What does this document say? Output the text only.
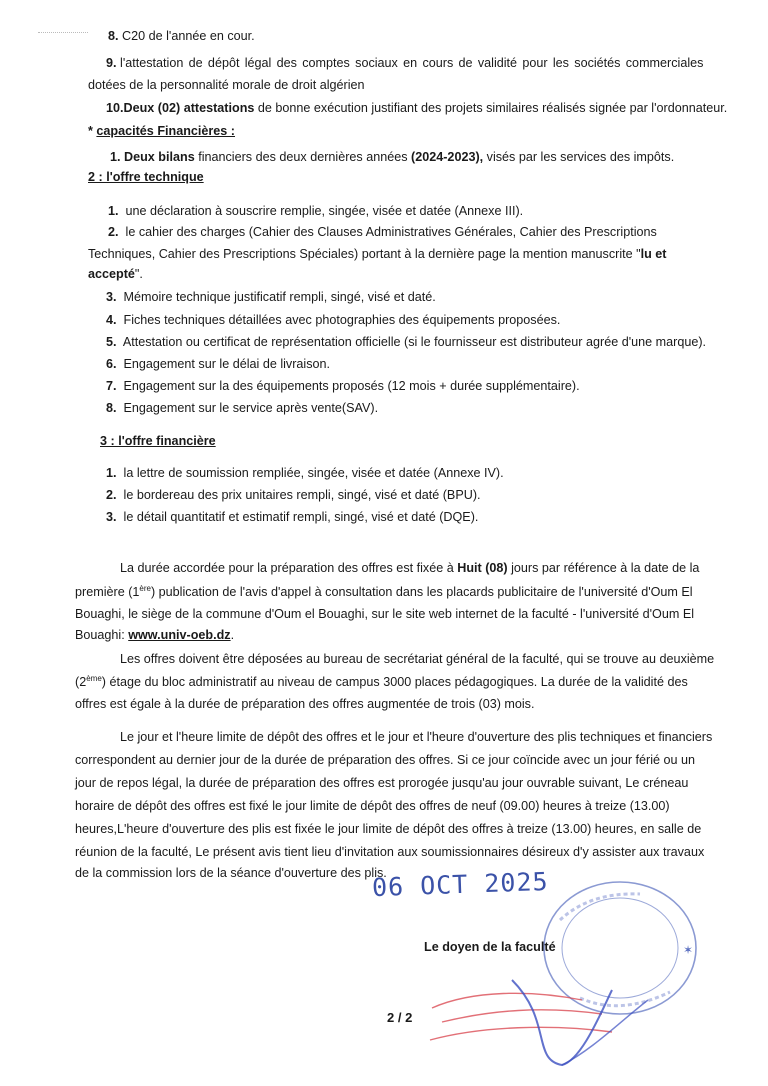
8. C20 de l'année en cour.
9. l'attestation de dépôt légal des comptes sociaux en cours de validité pour les sociétés commerciales
dotées de la personnalité morale de droit algérien
10.Deux (02) attestations de bonne exécution justifiant des projets similaires réalisés signée par l'ordonnateur.
* capacités Financières :
1. Deux bilans financiers des deux dernières années (2024-2023), visés par les services des impôts.
2 : l'offre technique
1. une déclaration à souscrire remplie, singée, visée et datée (Annexe III).
2. le cahier des charges (Cahier des Clauses Administratives Générales, Cahier des Prescriptions
Techniques, Cahier des Prescriptions Spéciales) portant à la dernière page la mention manuscrite "lu et
accepté".
3. Mémoire technique justificatif rempli, singé, visé et daté.
4. Fiches techniques détaillées avec photographies des équipements proposées.
5. Attestation ou certificat de représentation officielle (si le fournisseur est distributeur agrée d'une marque).
6. Engagement sur le délai de livraison.
7. Engagement sur la des équipements proposés (12 mois + durée supplémentaire).
8. Engagement sur le service après vente(SAV).
3 : l'offre financière
1. la lettre de soumission rempliée, singée, visée et datée (Annexe IV).
2. le bordereau des prix unitaires rempli, singé, visé et daté (BPU).
3. le détail quantitatif et estimatif rempli, singé, visé et daté (DQE).
La durée accordée pour la préparation des offres est fixée à Huit (08) jours par référence à la date de la
première (1ère) publication de l'avis d'appel à consultation dans les placards publicitaire de l'université d'Oum El
Bouaghi, le siège de la commune d'Oum el Bouaghi, sur le site web internet de la faculté - l'université d'Oum El
Bouaghi: www.univ-oeb.dz.
Les offres doivent être déposées au bureau de secrétariat général de la faculté, qui se trouve au deuxième
(2ème) étage du bloc administratif au niveau de campus 3000 places pédagogiques. La durée de la validité des
offres est égale à la durée de préparation des offres augmentée de trois (03) mois.
Le jour et l'heure limite de dépôt des offres et le jour et l'heure d'ouverture des plis techniques et financiers
correspondent au dernier jour de la durée de préparation des offres. Si ce jour coïncide avec un jour férié ou un
jour de repos légal, la durée de préparation des offres est prorogée jusqu'au jour ouvrable suivant, Le créneau
horaire de dépôt des offres est fixé le jour limite de dépôt des offres de neuf (09.00) heures à treize (13.00)
heures,L'heure d'ouverture des plis est fixée le jour limite de dépôt des offres à treize (13.00) heures, en salle de
réunion de la faculté, Le présent avis tient lieu d'invitation aux soumissionnaires désireux d'y assister aux travaux
de la commission lors de la séance d'ouverture des plis.
06 OCT 2025
✶
Le doyen de la faculté
2 / 2
